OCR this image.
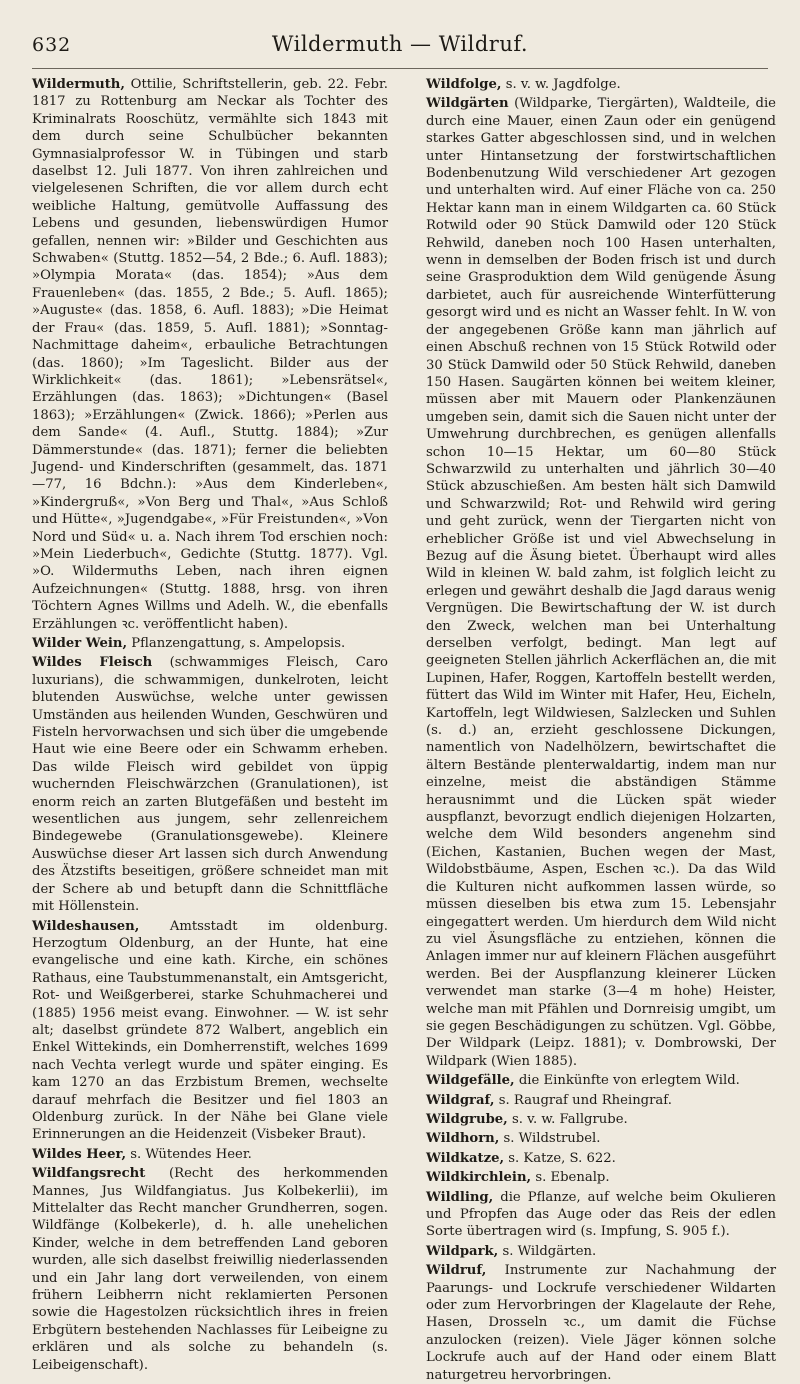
632	Wildermuth — Wildruf.

Wildermuth, Ottilie, Schriftstellerin, geb. 22. Febr. 1817 zu Rottenburg am Neckar als Tochter des Kriminalrats Rooschütz, vermählte sich 1843 mit dem durch seine Schulbücher bekannten Gymnasialprofessor W. in Tübingen und starb daselbst 12. Juli 1877. Von ihren zahlreichen und vielgelesenen Schriften, die vor allem durch echt weibliche Haltung, gemütvolle Auffassung des Lebens und gesunden, liebenswürdigen Humor gefallen, nennen wir: »Bilder und Geschichten aus Schwaben« (Stuttg. 1852—54, 2 Bde.; 6. Aufl. 1883); »Olympia Morata« (das. 1854); »Aus dem Frauenleben« (das. 1855, 2 Bde.; 5. Aufl. 1865); »Auguste« (das. 1858, 6. Aufl. 1883); »Die Heimat der Frau« (das. 1859, 5. Aufl. 1881); »Sonntag-Nachmittage daheim«, erbauliche Betrachtungen (das. 1860); »Im Tageslicht. Bilder aus der Wirklichkeit« (das. 1861); »Lebensrätsel«, Erzählungen (das. 1863); »Dichtungen« (Basel 1863); »Erzählungen« (Zwick. 1866); »Perlen aus dem Sande« (4. Aufl., Stuttg. 1884); »Zur Dämmerstunde« (das. 1871); ferner die beliebten Jugend- und Kinderschriften (gesammelt, das. 1871—77, 16 Bdchn.): »Aus dem Kinderleben«, »Kindergruß«, »Von Berg und Thal«, »Aus Schloß und Hütte«, »Jugendgabe«, »Für Freistunden«, »Von Nord und Süd« u. a. Nach ihrem Tod erschien noch: »Mein Liederbuch«, Gedichte (Stuttg. 1877). Vgl. »O. Wildermuths Leben, nach ihren eignen Aufzeichnungen« (Stuttg. 1888, hrsg. von ihren Töchtern Agnes Willms und Adelh. W., die ebenfalls Erzählungen ꝛc. veröffentlicht haben).

Wilder Wein, Pflanzengattung, s. Ampelopsis.

Wildes Fleisch (schwammiges Fleisch, Caro luxurians), die schwammigen, dunkelroten, leicht blutenden Auswüchse, welche unter gewissen Umständen aus heilenden Wunden, Geschwüren und Fisteln hervorwachsen und sich über die umgebende Haut wie eine Beere oder ein Schwamm erheben. Das wilde Fleisch wird gebildet von üppig wuchernden Fleischwärzchen (Granulationen), ist enorm reich an zarten Blutgefäßen und besteht im wesentlichen aus jungem, sehr zellenreichem Bindegewebe (Granulationsgewebe). Kleinere Auswüchse dieser Art lassen sich durch Anwendung des Ätzstifts beseitigen, größere schneidet man mit der Schere ab und betupft dann die Schnittfläche mit Höllenstein.

Wildeshausen, Amtsstadt im oldenburg. Herzogtum Oldenburg, an der Hunte, hat eine evangelische und eine kath. Kirche, ein schönes Rathaus, eine Taubstummenanstalt, ein Amtsgericht, Rot- und Weißgerberei, starke Schuhmacherei und (1885) 1956 meist evang. Einwohner. — W. ist sehr alt; daselbst gründete 872 Walbert, angeblich ein Enkel Wittekinds, ein Domherrenstift, welches 1699 nach Vechta verlegt wurde und später einging. Es kam 1270 an das Erzbistum Bremen, wechselte darauf mehrfach die Besitzer und fiel 1803 an Oldenburg zurück. In der Nähe bei Glane viele Erinnerungen an die Heidenzeit (Visbeker Braut).

Wildes Heer, s. Wütendes Heer.

Wildfangsrecht (Recht des herkommenden Mannes, Jus Wildfangiatus. Jus Kolbekerlii), im Mittelalter das Recht mancher Grundherren, sogen. Wildfänge (Kolbekerle), d. h. alle unehelichen Kinder, welche in dem betreffenden Land geboren wurden, alle sich daselbst freiwillig niederlassenden und ein Jahr lang dort verweilenden, von einem frühern Leibherrn nicht reklamierten Personen sowie die Hagestolzen rücksichtlich ihres in freien Erbgütern bestehenden Nachlasses für Leibeigne zu erklären und als solche zu behandeln (s. Leibeigenschaft).

Wildfolge, s. v. w. Jagdfolge.

Wildgärten (Wildparke, Tiergärten), Waldteile, die durch eine Mauer, einen Zaun oder ein genügend starkes Gatter abgeschlossen sind, und in welchen unter Hintansetzung der forstwirtschaftlichen Bodenbenutzung Wild verschiedener Art gezogen und unterhalten wird. Auf einer Fläche von ca. 250 Hektar kann man in einem Wildgarten ca. 60 Stück Rotwild oder 90 Stück Damwild oder 120 Stück Rehwild, daneben noch 100 Hasen unterhalten, wenn in demselben der Boden frisch ist und durch seine Grasproduktion dem Wild genügende Äsung darbietet, auch für ausreichende Winterfütterung gesorgt wird und es nicht an Wasser fehlt. In W. von der angegebenen Größe kann man jährlich auf einen Abschuß rechnen von 15 Stück Rotwild oder 30 Stück Damwild oder 50 Stück Rehwild, daneben 150 Hasen. Saugärten können bei weitem kleiner, müssen aber mit Mauern oder Plankenzäunen umgeben sein, damit sich die Sauen nicht unter der Umwehrung durchbrechen, es genügen allenfalls schon 10—15 Hektar, um 60—80 Stück Schwarzwild zu unterhalten und jährlich 30—40 Stück abzuschießen. Am besten hält sich Damwild und Schwarzwild; Rot- und Rehwild wird gering und geht zurück, wenn der Tiergarten nicht von erheblicher Größe ist und viel Abwechselung in Bezug auf die Äsung bietet. Überhaupt wird alles Wild in kleinen W. bald zahm, ist folglich leicht zu erlegen und gewährt deshalb die Jagd daraus wenig Vergnügen. Die Bewirtschaftung der W. ist durch den Zweck, welchen man bei Unterhaltung derselben verfolgt, bedingt. Man legt auf geeigneten Stellen jährlich Ackerflächen an, die mit Lupinen, Hafer, Roggen, Kartoffeln bestellt werden, füttert das Wild im Winter mit Hafer, Heu, Eicheln, Kartoffeln, legt Wildwiesen, Salzlecken und Suhlen (s. d.) an, erzieht geschlossene Dickungen, namentlich von Nadelhölzern, bewirtschaftet die ältern Bestände plenterwaldartig, indem man nur einzelne, meist die abständigen Stämme herausnimmt und die Lücken spät wieder auspflanzt, bevorzugt endlich diejenigen Holzarten, welche dem Wild besonders angenehm sind (Eichen, Kastanien, Buchen wegen der Mast, Wildobstbäume, Aspen, Eschen ꝛc.). Da das Wild die Kulturen nicht aufkommen lassen würde, so müssen dieselben bis etwa zum 15. Lebensjahr eingegattert werden. Um hierdurch dem Wild nicht zu viel Äsungsfläche zu entziehen, können die Anlagen immer nur auf kleinern Flächen ausgeführt werden. Bei der Auspflanzung kleinerer Lücken verwendet man starke (3—4 m hohe) Heister, welche man mit Pfählen und Dornreisig umgibt, um sie gegen Beschädigungen zu schützen. Vgl. Göbbe, Der Wildpark (Leipz. 1881); v. Dombrowski, Der Wildpark (Wien 1885).

Wildgefälle, die Einkünfte von erlegtem Wild.

Wildgraf, s. Raugraf und Rheingraf.

Wildgrube, s. v. w. Fallgrube.

Wildhorn, s. Wildstrubel.

Wildkatze, s. Katze, S. 622.

Wildkirchlein, s. Ebenalp.

Wildling, die Pflanze, auf welche beim Okulieren und Pfropfen das Auge oder das Reis der edlen Sorte übertragen wird (s. Impfung, S. 905 f.).

Wildpark, s. Wildgärten.

Wildruf, Instrumente zur Nachahmung der Paarungs- und Lockrufe verschiedener Wildarten oder zum Hervorbringen der Klagelaute der Rehe, Hasen, Drosseln ꝛc., um damit die Füchse anzulocken (reizen). Viele Jäger können solche Lockrufe auch auf der Hand oder einem Blatt naturgetreu hervorbringen.
